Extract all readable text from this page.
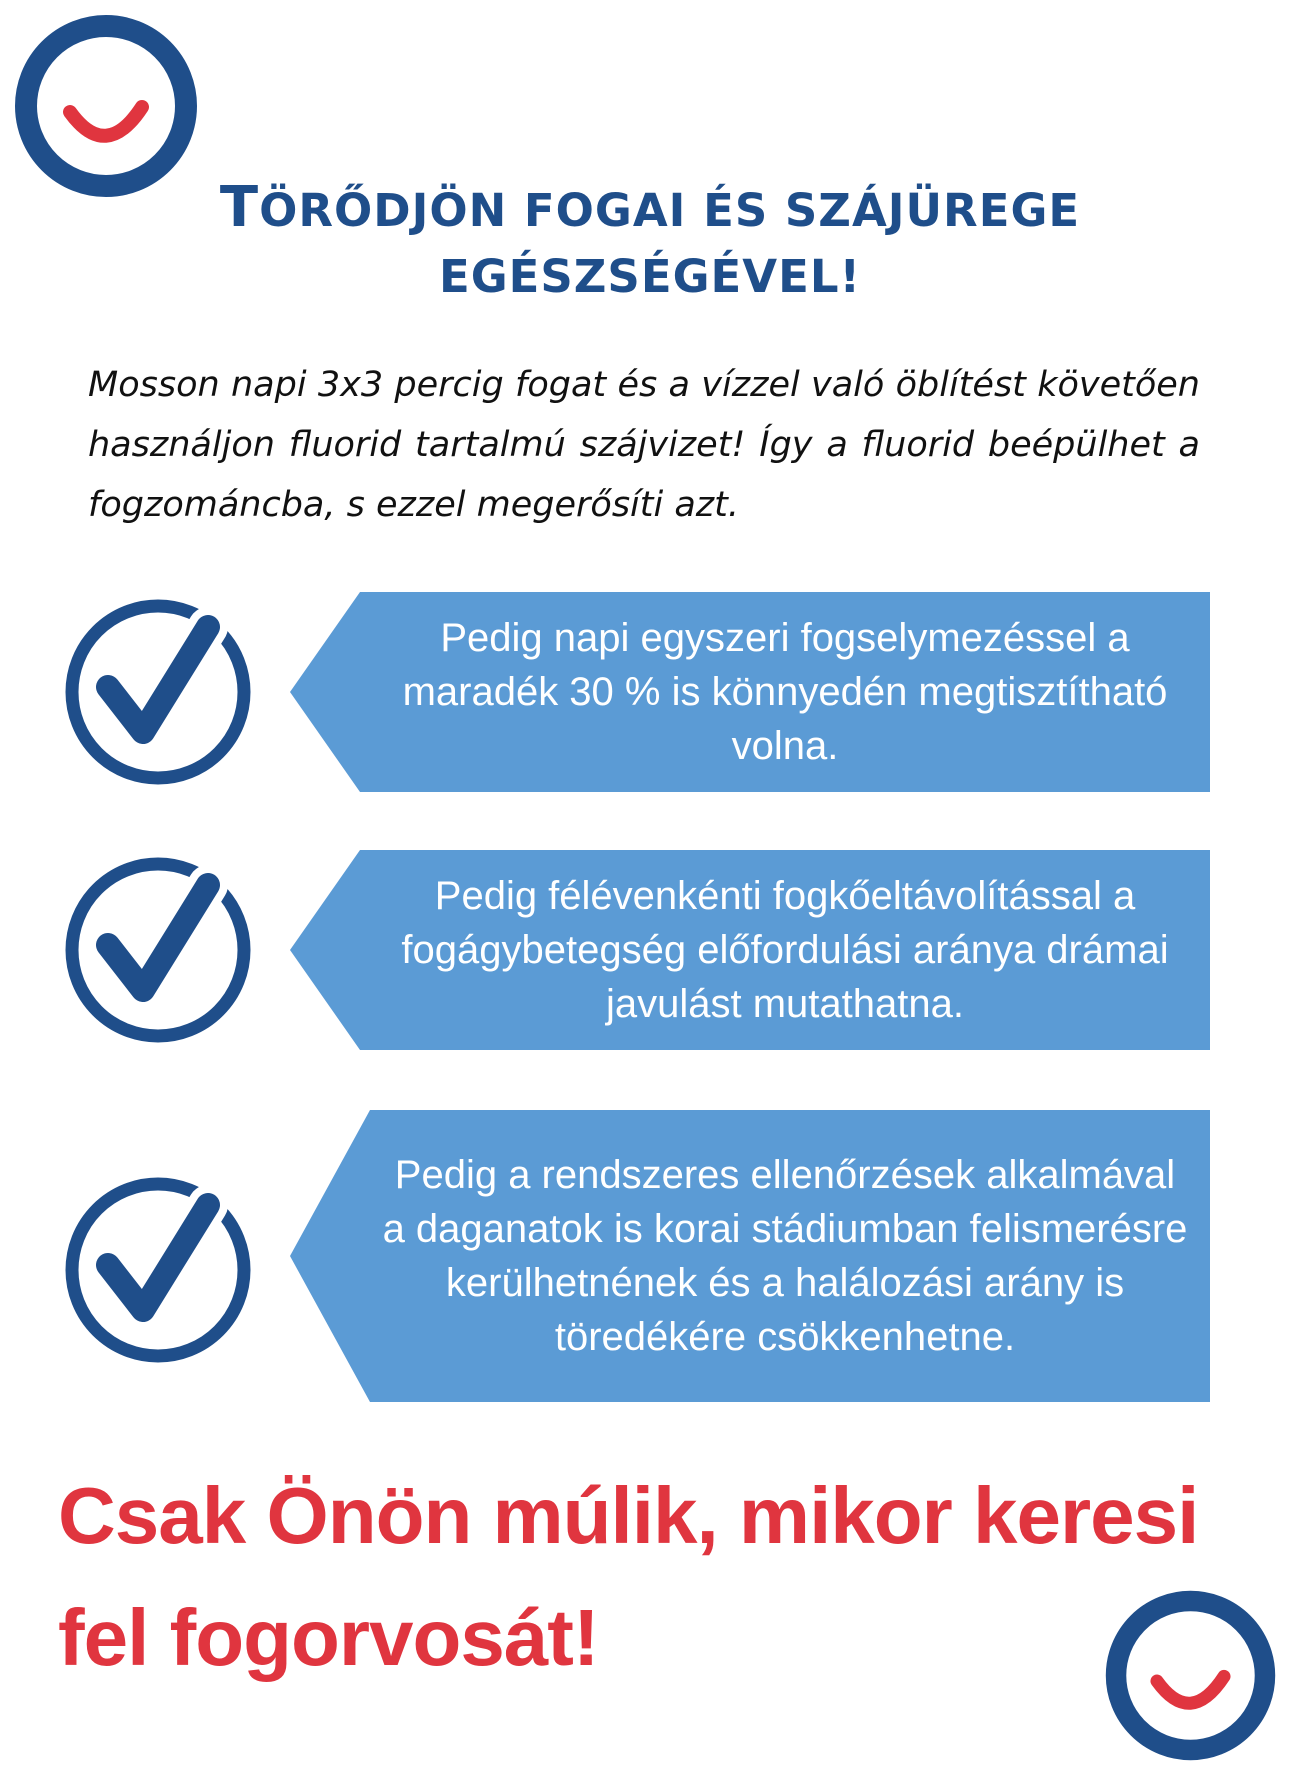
TÖRŐDJÖN FOGAI ÉS SZÁJÜREGE
EGÉSZSÉGÉVEL!

Mosson napi 3x3 percig fogat és a vízzel való öblítést követően használjon fluorid tartalmú szájvizet! Így a fluorid beépülhet a fogzománcba, s ezzel megerősíti azt.

Pedig napi egyszeri fogselymezéssel a maradék 30 % is könnyedén megtisztítható volna.
Pedig félévenkénti fogkőeltávolítással a fogágybetegség előfordulási aránya drámai javulást mutathatna.
Pedig a rendszeres ellenőrzések alkalmával a daganatok is korai stádiumban felismerésre kerülhetnének és a halálozási arány is töredékére csökkenhetne.

Csak Önön múlik, mikor keresi fel fogorvosát!
